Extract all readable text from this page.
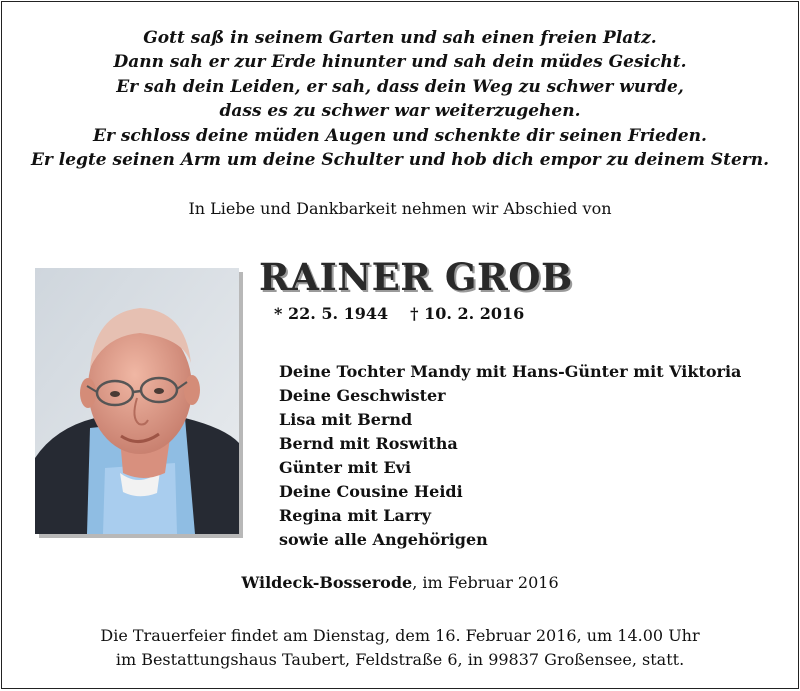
Gott saß in seinem Garten und sah einen freien Platz.
Dann sah er zur Erde hinunter und sah dein müdes Gesicht.
Er sah dein Leiden, er sah, dass dein Weg zu schwer wurde,
dass es zu schwer war weiterzugehen.
Er schloss deine müden Augen und schenkte dir seinen Frieden.
Er legte seinen Arm um deine Schulter und hob dich empor zu deinem Stern.
In Liebe und Dankbarkeit nehmen wir Abschied von
RAINER GROB
* 22. 5. 1944 † 10. 2. 2016
Deine Tochter Mandy mit Hans-Günter mit Viktoria
Deine Geschwister
Lisa mit Bernd
Bernd mit Roswitha
Günter mit Evi
Deine Cousine Heidi
Regina mit Larry
sowie alle Angehörigen
Wildeck-Bosserode, im Februar 2016
Die Trauerfeier findet am Dienstag, dem 16. Februar 2016, um 14.00 Uhr
im Bestattungshaus Taubert, Feldstraße 6, in 99837 Großensee, statt.
